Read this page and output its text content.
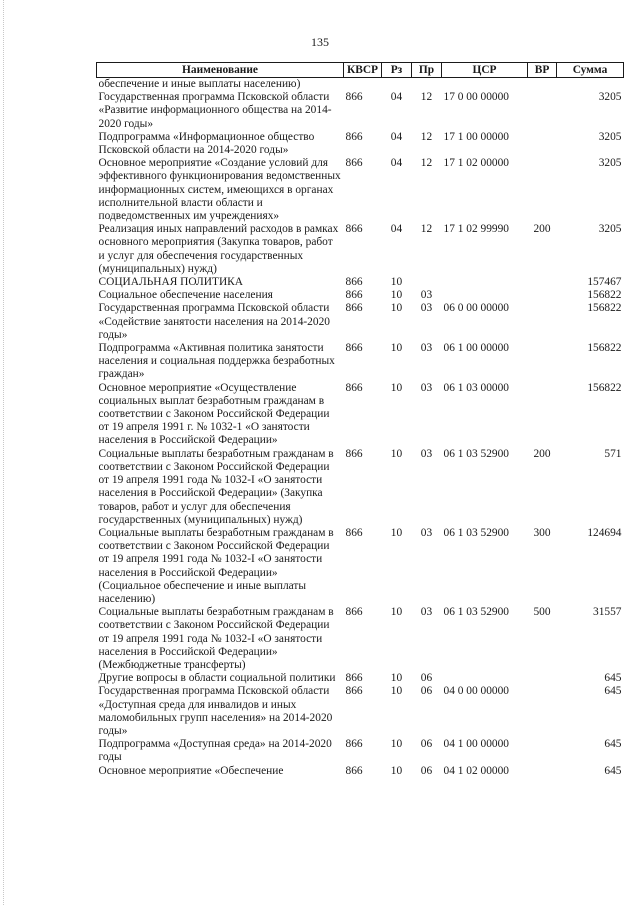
135
Наименование	КВСР	Рз	Пр	ЦСР	ВР	Сумма
обеспечение и иные выплаты населению)						
Государственная программа Псковской области «Развитие информационного общества на 2014-2020 годы»	866	04	12	17 0 00 00000		3205
Подпрограмма «Информационное общество Псковской области на 2014-2020 годы»	866	04	12	17 1 00 00000		3205
Основное мероприятие «Создание условий для эффективного функционирования ведомственных информационных систем, имеющихся в органах исполнительной власти области и подведомственных им учреждениях»	866	04	12	17 1 02 00000		3205
Реализация иных направлений расходов в рамках основного мероприятия (Закупка товаров, работ и услуг для обеспечения государственных (муниципальных) нужд)	866	04	12	17 1 02 99990	200	3205
СОЦИАЛЬНАЯ ПОЛИТИКА	866	10				157467
Социальное обеспечение населения	866	10	03			156822
Государственная программа Псковской области «Содействие занятости населения на 2014-2020 годы»	866	10	03	06 0 00 00000		156822
Подпрограмма «Активная политика занятости населения и социальная поддержка безработных граждан»	866	10	03	06 1 00 00000		156822
Основное мероприятие «Осуществление социальных выплат безработным гражданам в соответствии с Законом Российской Федерации от 19 апреля 1991 г. № 1032-1 «О занятости населения в Российской Федерации»	866	10	03	06 1 03 00000		156822
Социальные выплаты безработным гражданам в соответствии с Законом Российской Федерации от 19 апреля 1991 года № 1032-I «О занятости населения в Российской Федерации» (Закупка товаров, работ и услуг для обеспечения государственных (муниципальных) нужд)	866	10	03	06 1 03 52900	200	571
Социальные выплаты безработным гражданам в соответствии с Законом Российской Федерации от 19 апреля 1991 года № 1032-I «О занятости населения в Российской Федерации» (Социальное обеспечение и иные выплаты населению)	866	10	03	06 1 03 52900	300	124694
Социальные выплаты безработным гражданам в соответствии с Законом Российской Федерации от 19 апреля 1991 года № 1032-I «О занятости населения в Российской Федерации» (Межбюджетные трансферты)	866	10	03	06 1 03 52900	500	31557
Другие вопросы в области социальной политики	866	10	06			645
Государственная программа Псковской области «Доступная среда для инвалидов и иных маломобильных групп населения» на 2014-2020 годы»	866	10	06	04 0 00 00000		645
Подпрограмма «Доступная среда» на 2014-2020 годы	866	10	06	04 1 00 00000		645
Основное мероприятие «Обеспечение	866	10	06	04 1 02 00000		645
